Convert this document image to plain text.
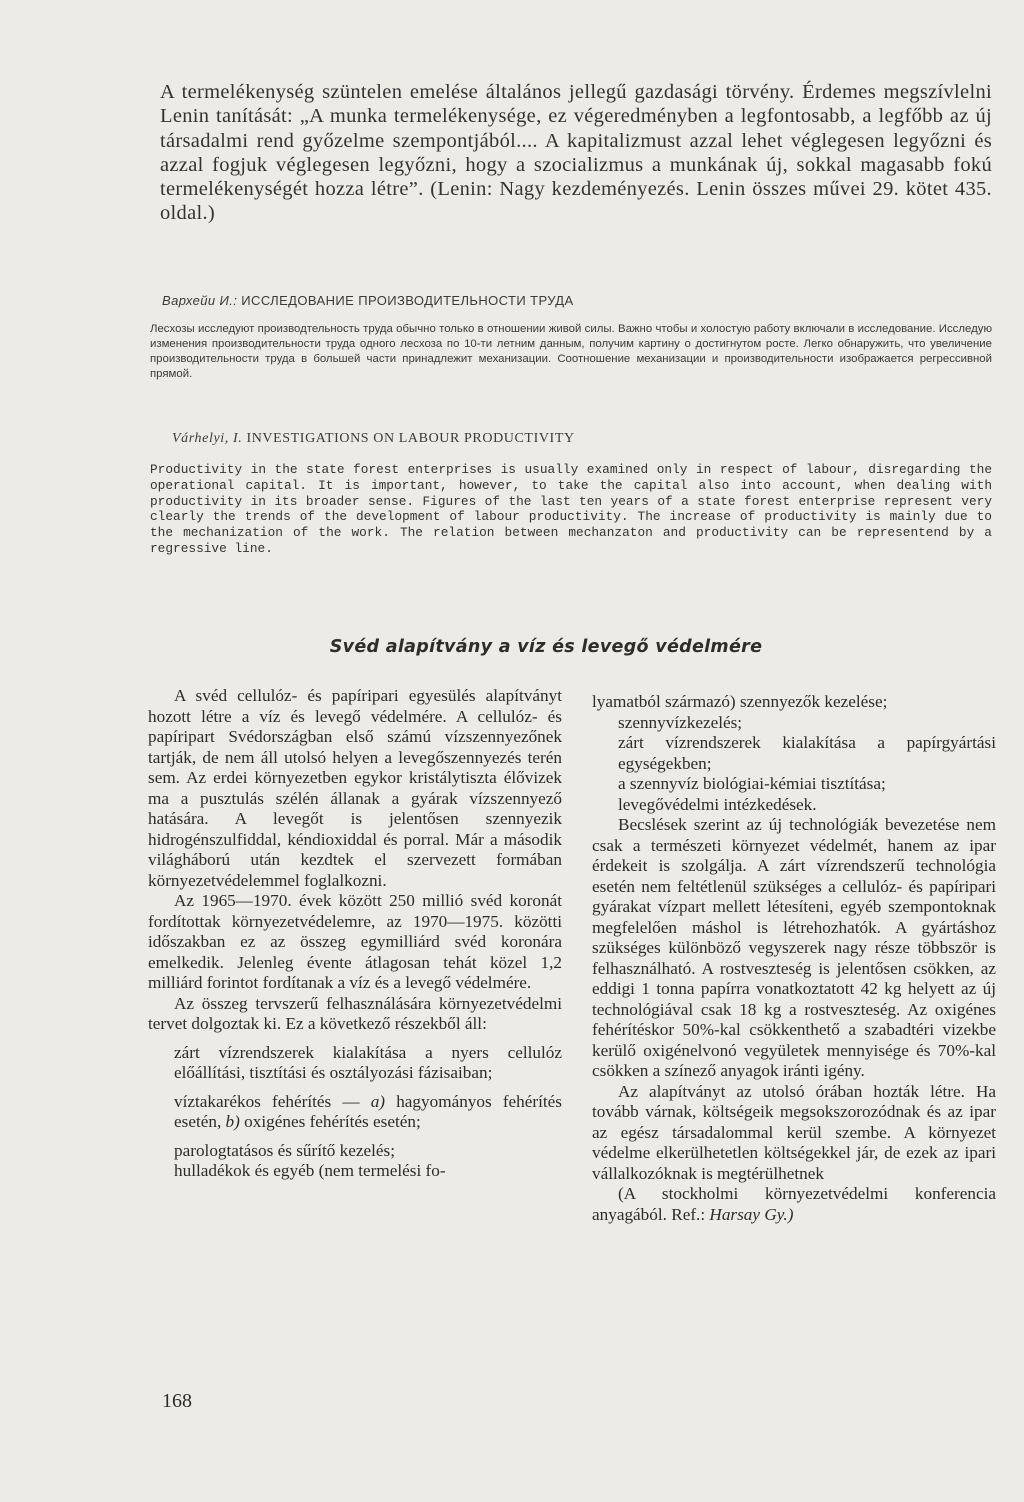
A termelékenység szüntelen emelése általános jellegű gazdasági törvény. Érdemes megszívlelni Lenin tanítását: „A munka termelékenysége, ez végeredményben a legfontosabb, a legfőbb az új társadalmi rend győzelme szempontjából.... A kapitalizmust azzal lehet véglegesen legyőzni és azzal fogjuk véglegesen legyőzni, hogy a szocializmus a munkának új, sokkal magasabb fokú termelékenységét hozza létre”. (Lenin: Nagy kezdeményezés. Lenin összes művei 29. kötet 435. oldal.)

Вархейи И.: ИССЛЕДОВАНИЕ ПРОИЗВОДИТЕЛЬНОСТИ ТРУДА

Лесхозы исследуют производтельность труда обычно только в отношении живой силы. Важно чтобы и холостую работу включали в исследование. Исследую изменения производительности труда одного лесхоза по 10-ти летним данным, получим картину о достигнутом росте. Легко обнаружить, что увеличение производительности труда в большей части принадлежит механизации. Соотношение механизации и производительности изображается регрессивной прямой.

Várhelyi, I. INVESTIGATIONS ON LABOUR PRODUCTIVITY

Productivity in the state forest enterprises is usually examined only in respect of labour, disregarding the operational capital. It is important, however, to take the capital also into account, when dealing with productivity in its broader sense. Figures of the last ten years of a state forest enterprise represent very clearly the trends of the development of labour productivity. The increase of productivity is mainly due to the mechanization of the work. The relation between mechanzaton and productivity can be representend by a regressive line.

Svéd alapítvány a víz és levegő védelmére

A svéd cellulóz- és papíripari egyesülés alapítványt hozott létre a víz és levegő védelmére. A cellulóz- és papíripart Svédországban első számú vízszennyezőnek tartják, de nem áll utolsó helyen a levegőszennyezés terén sem. Az erdei környezetben egykor kristálytiszta élővizek ma a pusztulás szélén állanak a gyárak vízszennyező hatására. A levegőt is jelentősen szennyezik hidrogénszulfiddal, kéndioxiddal és porral. Már a második világháború után kezdtek el szervezett formában környezetvédelemmel foglalkozni.

Az 1965—1970. évek között 250 millió svéd koronát fordítottak környezetvédelemre, az 1970—1975. közötti időszakban ez az összeg egymilliárd svéd koronára emelkedik. Jelenleg évente átlagosan tehát közel 1,2 milliárd forintot fordítanak a víz és a levegő védelmére.

Az összeg tervszerű felhasználására környezetvédelmi tervet dolgoztak ki. Ez a következő részekből áll:

zárt vízrendszerek kialakítása a nyers cellulóz előállítási, tisztítási és osztályozási fázisaiban;

víztakarékos fehérítés — a) hagyományos fehérítés esetén, b) oxigénes fehérítés esetén;

parologtatásos és sűrítő kezelés;

hulladékok és egyéb (nem termelési fo-

lyamatból származó) szennyezők kezelése;

szennyvízkezelés;

zárt vízrendszerek kialakítása a papírgyártási egységekben;

a szennyvíz biológiai-kémiai tisztítása;

levegővédelmi intézkedések.

Becslések szerint az új technológiák bevezetése nem csak a természeti környezet védelmét, hanem az ipar érdekeit is szolgálja. A zárt vízrendszerű technológia esetén nem feltétlenül szükséges a cellulóz- és papíripari gyárakat vízpart mellett létesíteni, egyéb szempontoknak megfelelően máshol is létrehozhatók. A gyártáshoz szükséges különböző vegyszerek nagy része többször is felhasználható. A rostveszteség is jelentősen csökken, az eddigi 1 tonna papírra vonatkoztatott 42 kg helyett az új technológiával csak 18 kg a rostveszteség. Az oxigénes fehérítéskor 50%-kal csökkenthető a szabadtéri vizekbe kerülő oxigénelvonó vegyületek mennyisége és 70%-kal csökken a színező anyagok iránti igény.

Az alapítványt az utolsó órában hozták létre. Ha tovább várnak, költségeik megsokszorozódnak és az ipar az egész társadalommal kerül szembe. A környezet védelme elkerülhetetlen költségekkel jár, de ezek az ipari vállalkozóknak is megtérülhetnek

(A stockholmi környezetvédelmi konferencia anyagából. Ref.: Harsay Gy.)

168
